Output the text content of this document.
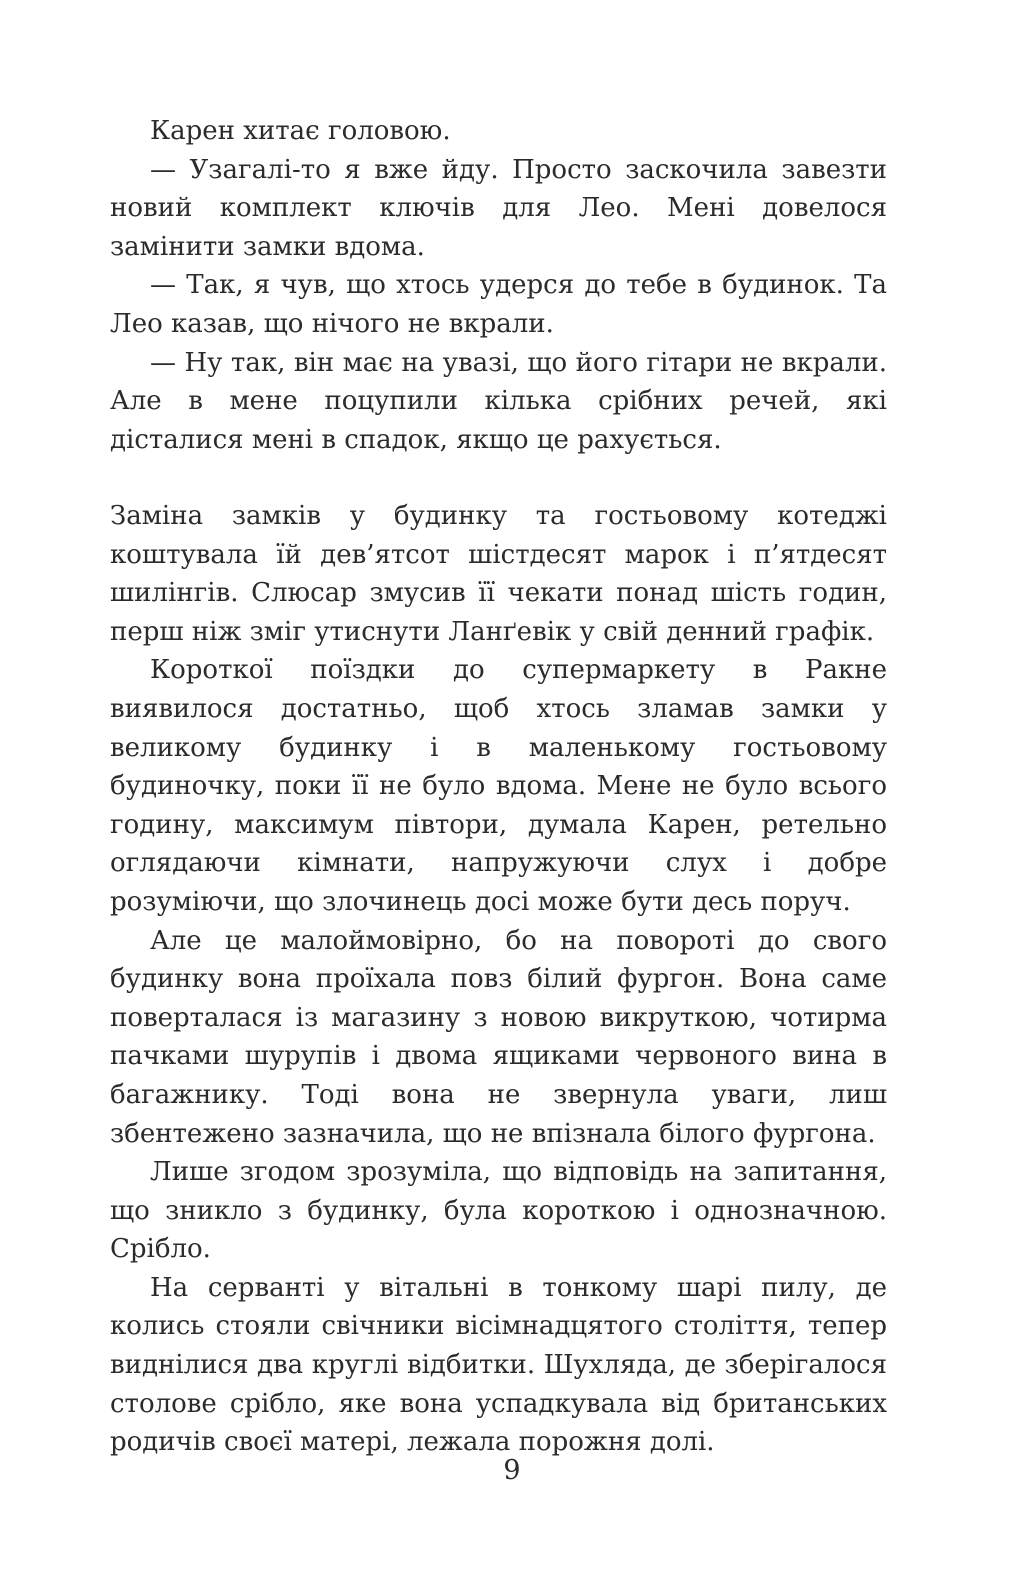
Карен хитає головою.

— Узагалі-то я вже йду. Просто заскочила завезти новий комплект ключів для Лео. Мені довелося замінити замки вдома.

— Так, я чув, що хтось удерся до тебе в будинок. Та Лео казав, що нічого не вкрали.

— Ну так, він має на увазі, що його гітари не вкрали. Але в мене поцупили кілька срібних речей, які дісталися мені в спадок, якщо це рахується.

Заміна замків у будинку та гостьовому котеджі коштувала їй дев’ятсот шістдесят марок і п’ятдесят шилінгів. Слюсар змусив її чекати понад шість годин, перш ніж зміг утиснути Ланґевік у свій денний графік.

Короткої поїздки до супермаркету в Ракне виявилося достатньо, щоб хтось зламав замки у великому будинку і в маленькому гостьовому будиночку, поки її не було вдома. Мене не було всього годину, максимум півтори, думала Карен, ретельно оглядаючи кімнати, напружуючи слух і добре розуміючи, що злочинець досі може бути десь поруч.

Але це малоймовірно, бо на повороті до свого будинку вона проїхала повз білий фургон. Вона саме поверталася із магазину з новою викруткою, чотирма пачками шурупів і двома ящиками червоного вина в багажнику. Тоді вона не звернула уваги, лиш збентежено зазначила, що не впізнала білого фургона.

Лише згодом зрозуміла, що відповідь на запитання, що зникло з будинку, була короткою і однозначною. Срібло.

На серванті у вітальні в тонкому шарі пилу, де колись стояли свічники вісімнадцятого століття, тепер виднілися два круглі відбитки. Шухляда, де зберігалося столове срібло, яке вона успадкувала від британських родичів своєї матері, лежала порожня долі.

9
